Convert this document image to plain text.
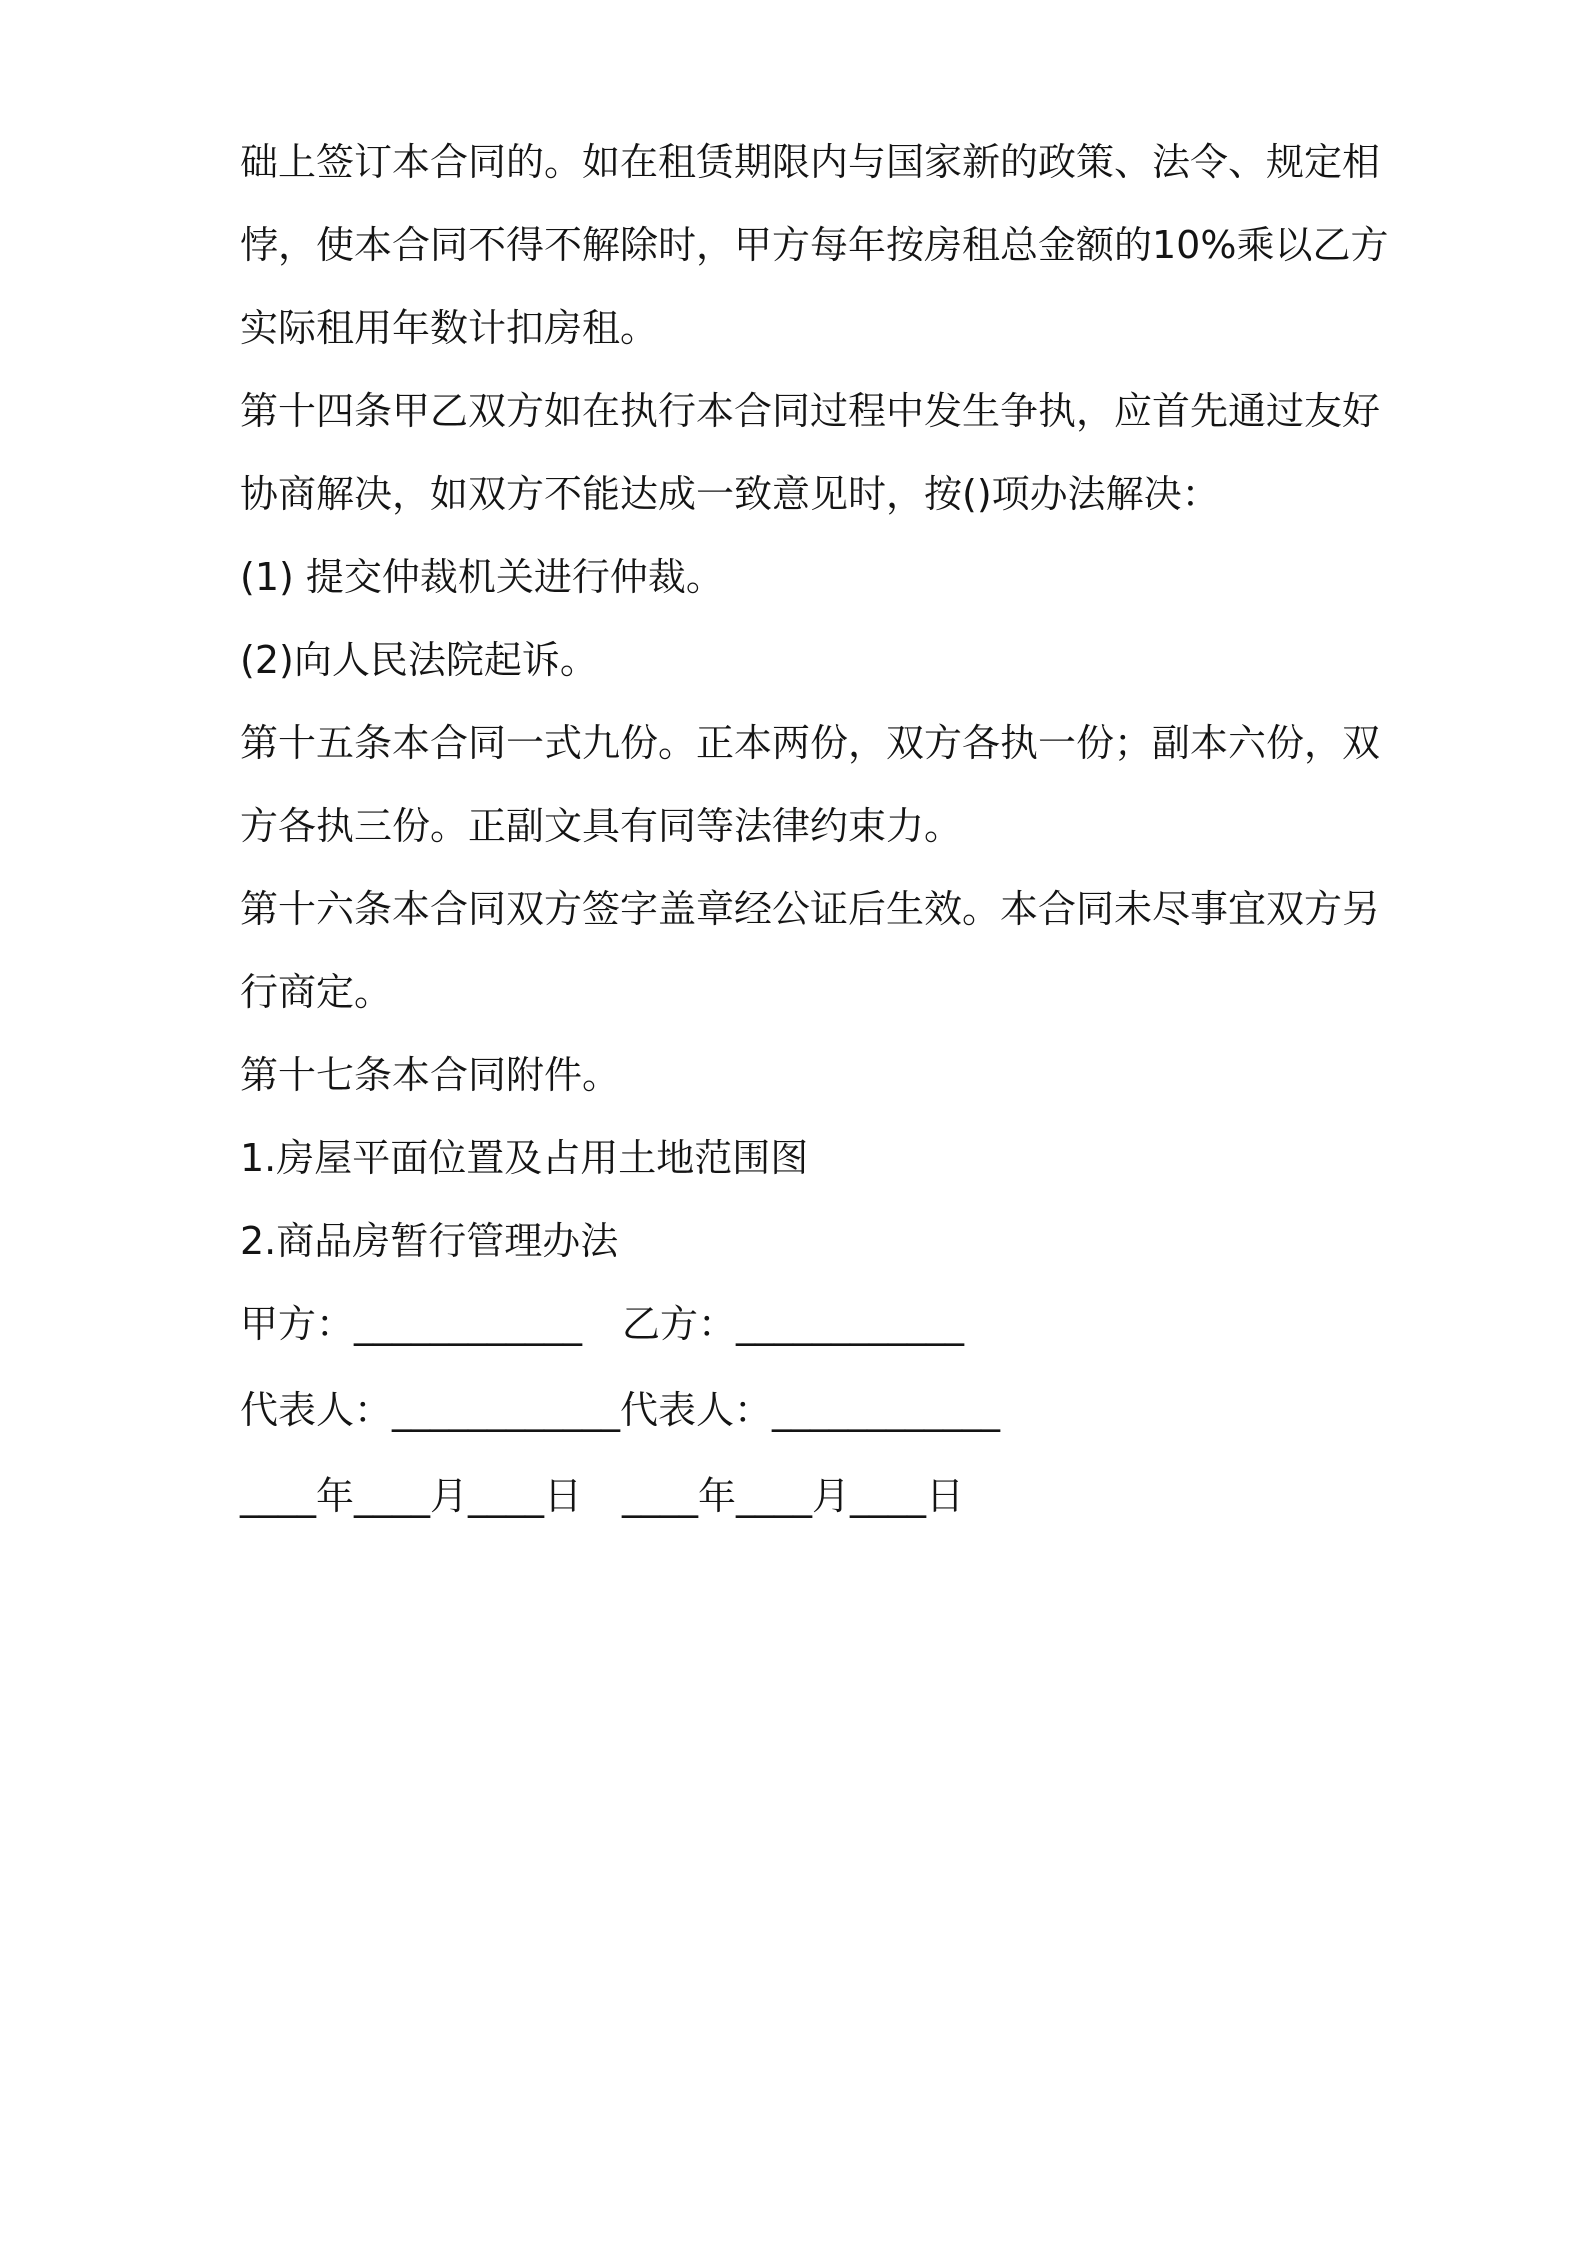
础上签订本合同的。如在租赁期限内与国家新的政策、法令、规定相
悖，使本合同不得不解除时，甲方每年按房租总金额的10%乘以乙方
实际租用年数计扣房租。
第十四条甲乙双方如在执行本合同过程中发生争执，应首先通过友好
协商解决，如双方不能达成一致意见时，按()项办法解决：
(1) 提交仲裁机关进行仲裁。
(2)向人民法院起诉。
第十五条本合同一式九份。正本两份，双方各执一份；副本六份，双
方各执三份。正副文具有同等法律约束力。
第十六条本合同双方签字盖章经公证后生效。本合同未尽事宜双方另
行商定。
第十七条本合同附件。
1.房屋平面位置及占用土地范围图
2.商品房暂行管理办法
甲方：____________ 乙方：____________
代表人：____________ 代表人：____________
____年____月____日 ____年____月____日
